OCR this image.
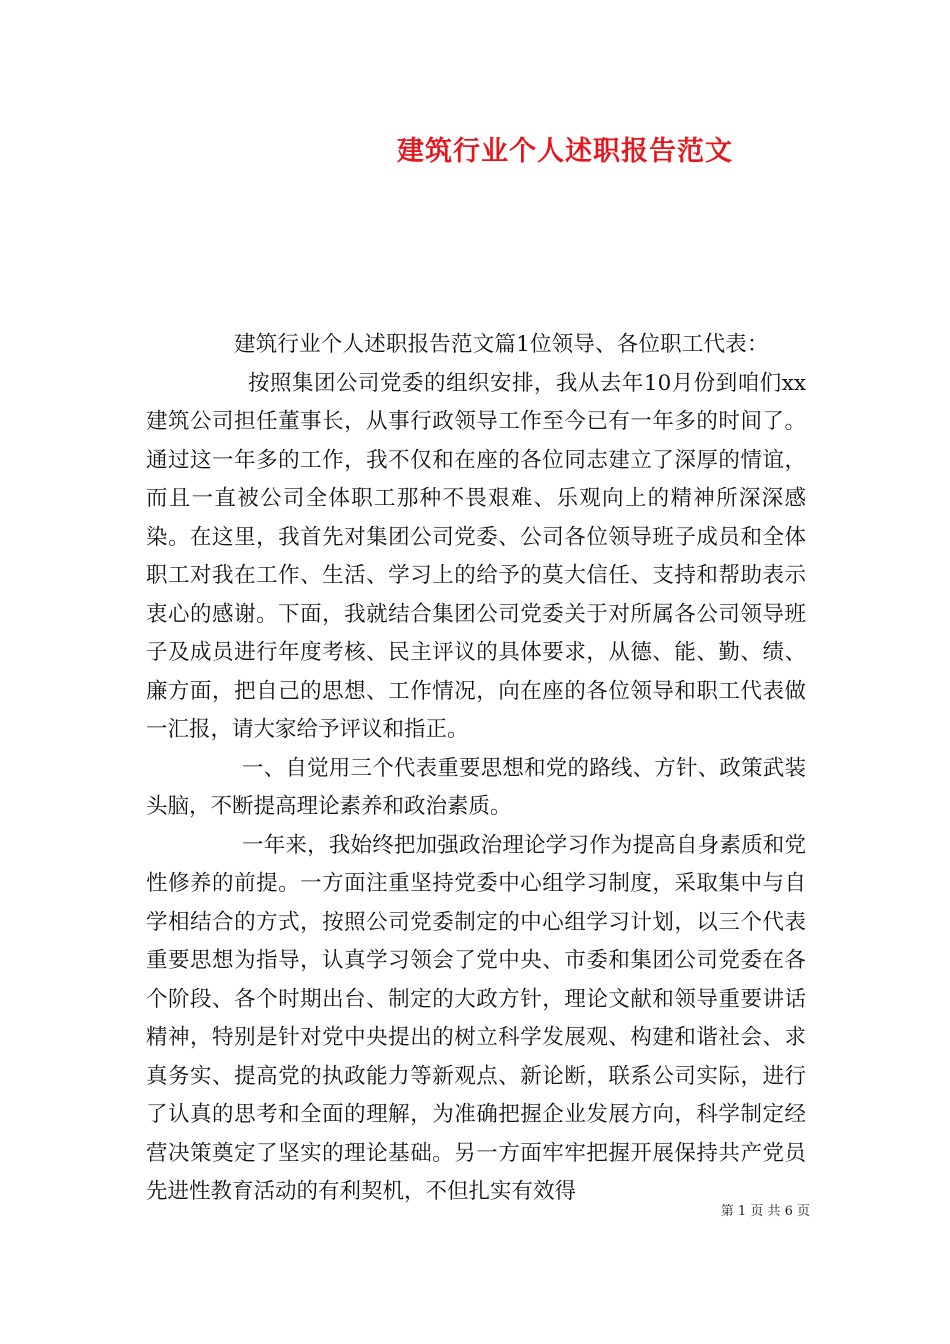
建筑行业个人述职报告范文

建筑行业个人述职报告范文篇1位领导、各位职工代表：

按照集团公司党委的组织安排，我从去年10月份到咱们xx建筑公司担任董事长，从事行政领导工作至今已有一年多的时间了。通过这一年多的工作，我不仅和在座的各位同志建立了深厚的情谊，而且一直被公司全体职工那种不畏艰难、乐观向上的精神所深深感染。在这里，我首先对集团公司党委、公司各位领导班子成员和全体职工对我在工作、生活、学习上的给予的莫大信任、支持和帮助表示衷心的感谢。下面，我就结合集团公司党委关于对所属各公司领导班子及成员进行年度考核、民主评议的具体要求，从德、能、勤、绩、廉方面，把自己的思想、工作情况，向在座的各位领导和职工代表做一汇报，请大家给予评议和指正。

一、自觉用三个代表重要思想和党的路线、方针、政策武装头脑，不断提高理论素养和政治素质。

一年来，我始终把加强政治理论学习作为提高自身素质和党性修养的前提。一方面注重坚持党委中心组学习制度，采取集中与自学相结合的方式，按照公司党委制定的中心组学习计划，以三个代表重要思想为指导，认真学习领会了党中央、市委和集团公司党委在各个阶段、各个时期出台、制定的大政方针，理论文献和领导重要讲话精神，特别是针对党中央提出的树立科学发展观、构建和谐社会、求真务实、提高党的执政能力等新观点、新论断，联系公司实际，进行了认真的思考和全面的理解，为准确把握企业发展方向，科学制定经营决策奠定了坚实的理论基础。另一方面牢牢把握开展保持共产党员先进性教育活动的有利契机，不但扎实有效得

第 1 页 共 6 页
